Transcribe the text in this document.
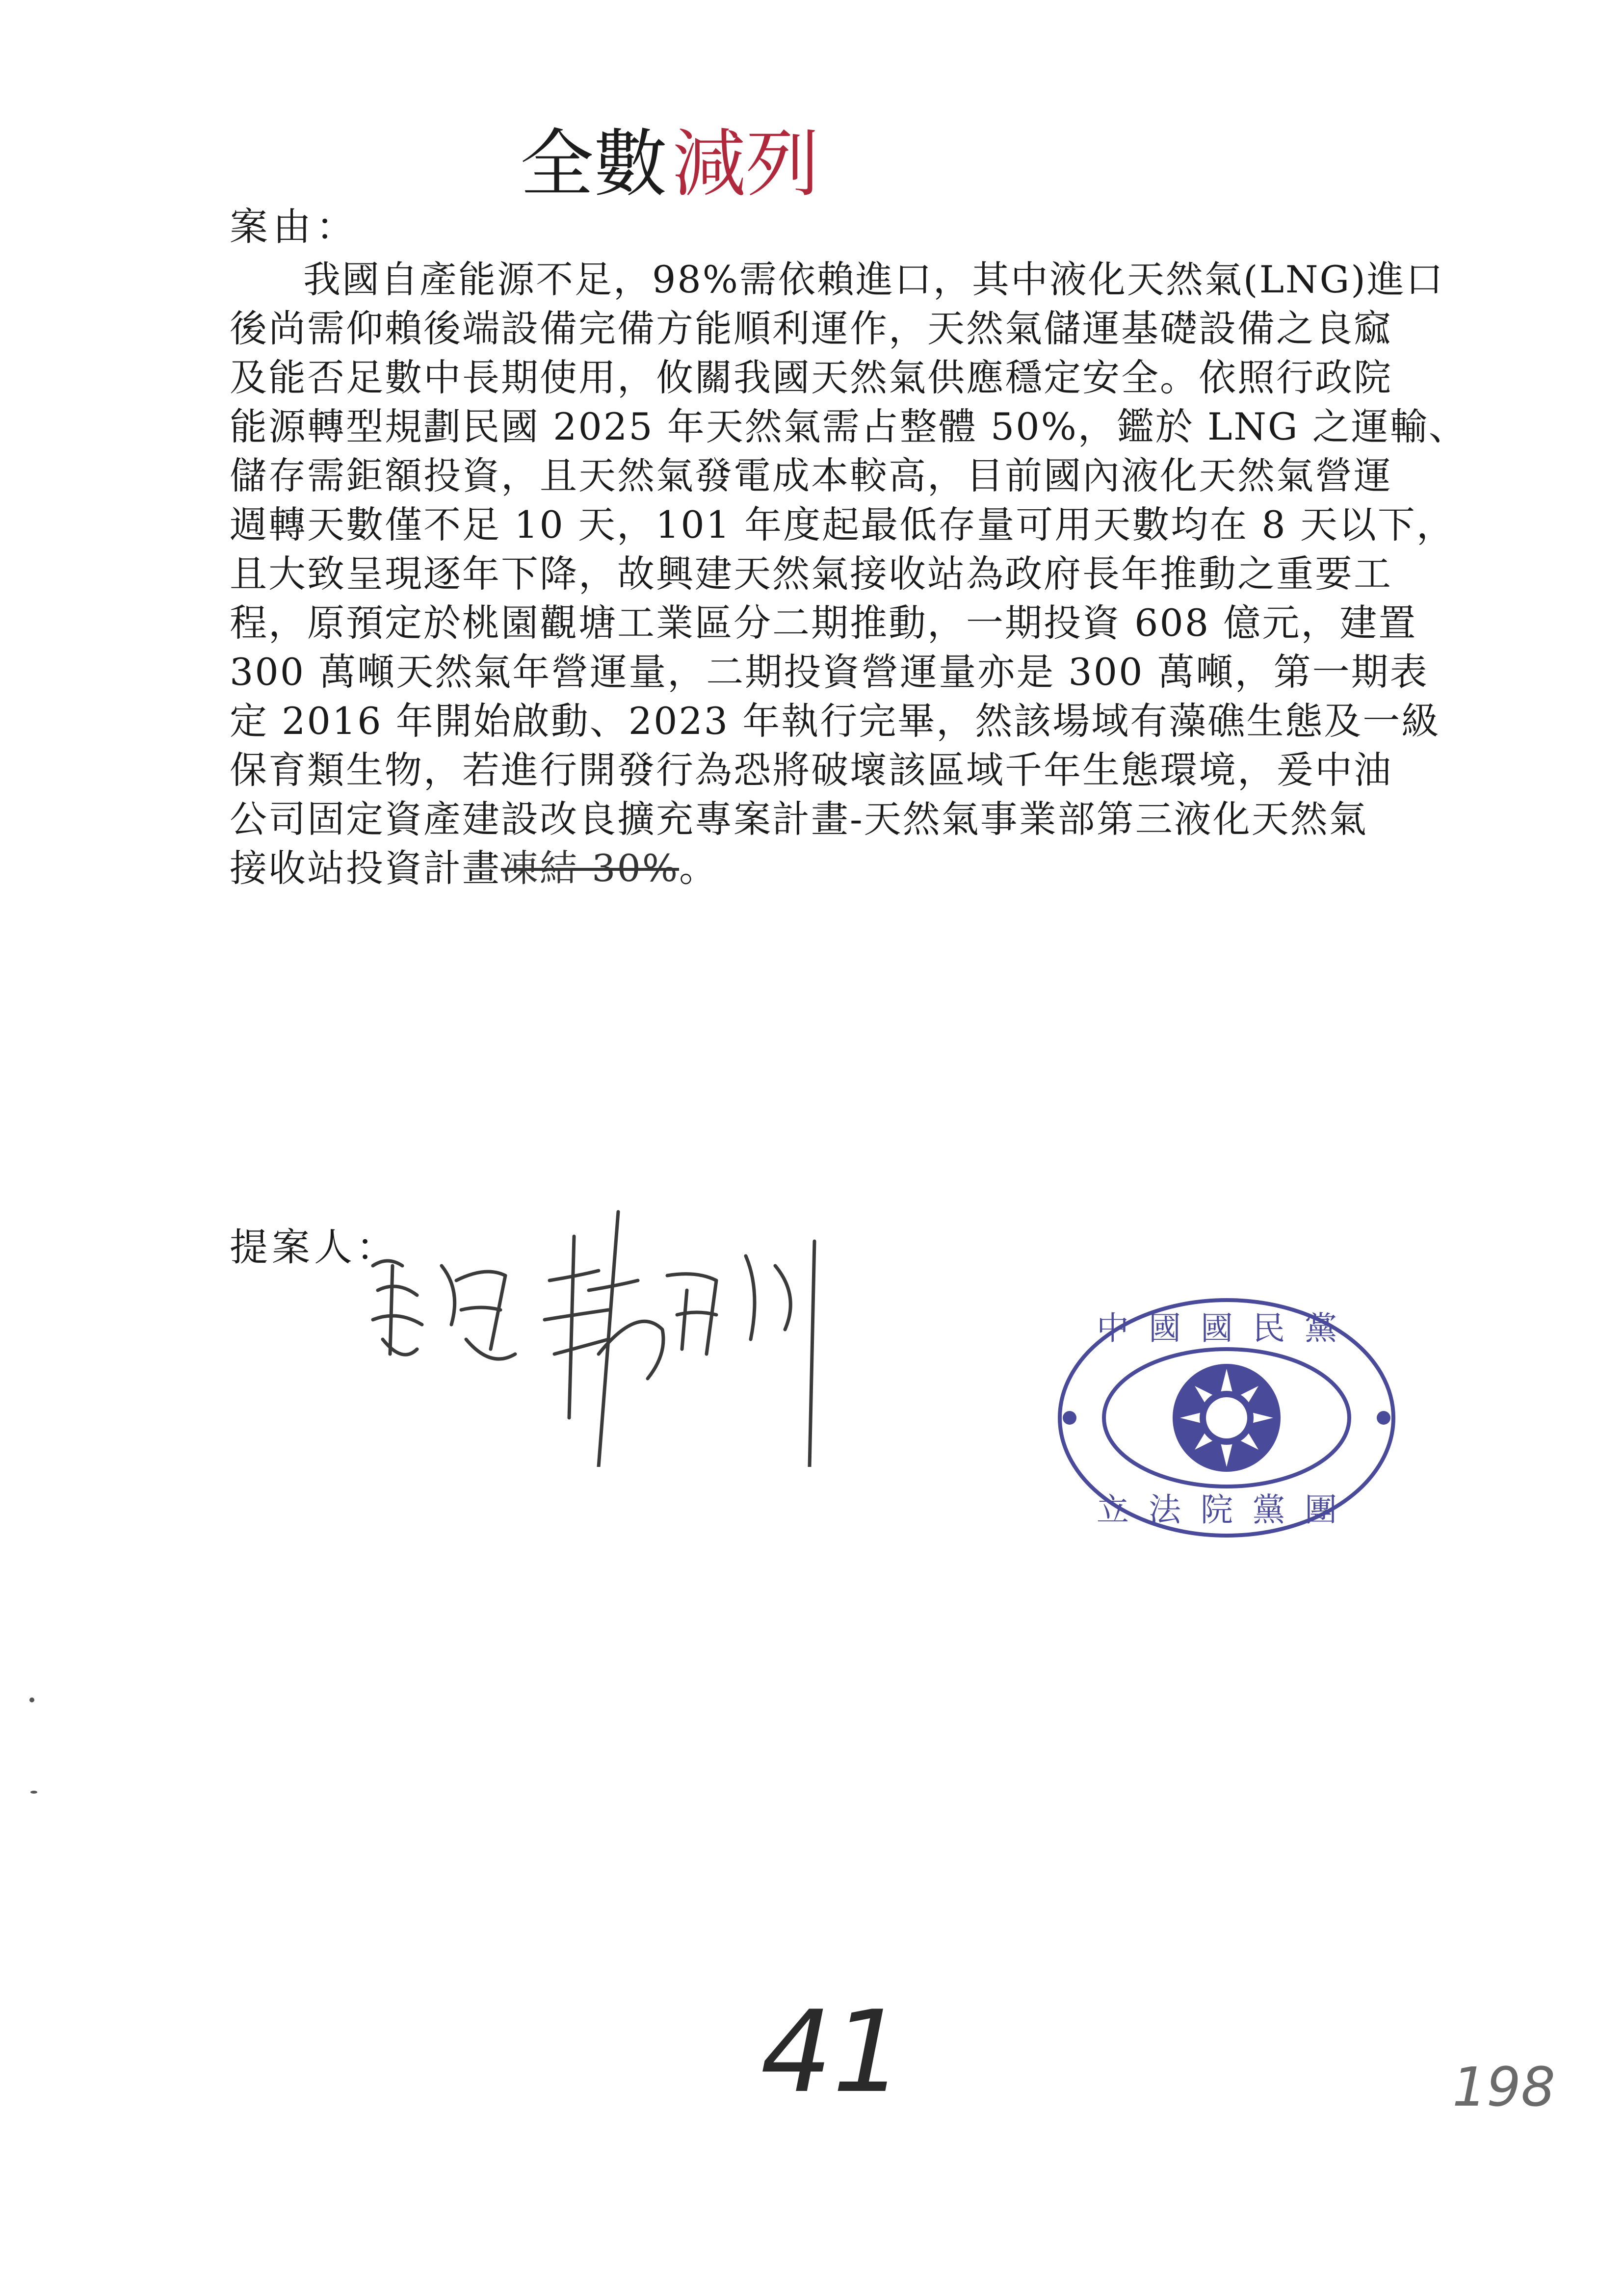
全數減列
案由：
我國自產能源不足，98%需依賴進口，其中液化天然氣(LNG)進口
後尚需仰賴後端設備完備方能順利運作，天然氣儲運基礎設備之良窳
及能否足數中長期使用，攸關我國天然氣供應穩定安全。依照行政院
能源轉型規劃民國 2025 年天然氣需占整體 50%，鑑於 LNG 之運輸、
儲存需鉅額投資，且天然氣發電成本較高，目前國內液化天然氣營運
週轉天數僅不足 10 天，101 年度起最低存量可用天數均在 8 天以下，
且大致呈現逐年下降，故興建天然氣接收站為政府長年推動之重要工
程，原預定於桃園觀塘工業區分二期推動，一期投資 608 億元，建置
300 萬噸天然氣年營運量，二期投資營運量亦是 300 萬噸，第一期表
定 2016 年開始啟動、2023 年執行完畢，然該場域有藻礁生態及一級
保育類生物，若進行開發行為恐將破壞該區域千年生態環境，爰中油
公司固定資產建設改良擴充專案計畫-天然氣事業部第三液化天然氣
接收站投資計畫凍結 30%。
提案人：
中國國民黨
立法院黨團
41	198
